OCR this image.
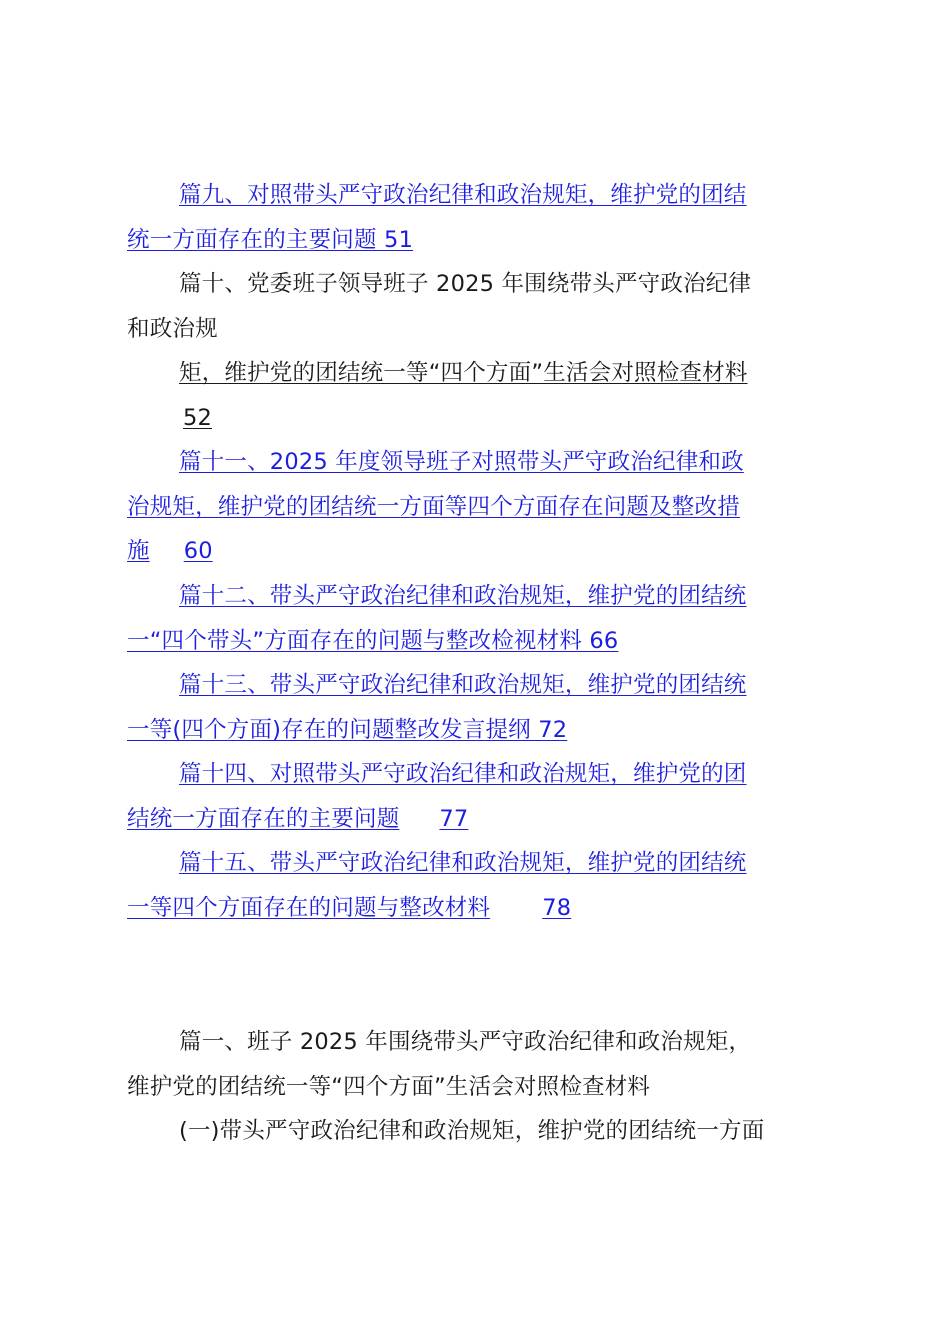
篇九、对照带头严守政治纪律和政治规矩，维护党的团结
统一方面存在的主要问题 51

篇十、党委班子领导班子 2025 年围绕带头严守政治纪律
和政治规

矩，维护党的团结统一等“四个方面”生活会对照检查材料
52

篇十一、2025 年度领导班子对照带头严守政治纪律和政
治规矩，维护党的团结统一方面等四个方面存在问题及整改措
施 60

篇十二、带头严守政治纪律和政治规矩，维护党的团结统
一“四个带头”方面存在的问题与整改检视材料 66

篇十三、带头严守政治纪律和政治规矩，维护党的团结统
一等(四个方面)存在的问题整改发言提纲 72

篇十四、对照带头严守政治纪律和政治规矩，维护党的团
结统一方面存在的主要问题 77

篇十五、带头严守政治纪律和政治规矩，维护党的团结统
一等四个方面存在的问题与整改材料 78

篇一、班子 2025 年围绕带头严守政治纪律和政治规矩，
维护党的团结统一等“四个方面”生活会对照检查材料

(一)带头严守政治纪律和政治规矩，维护党的团结统一方面
